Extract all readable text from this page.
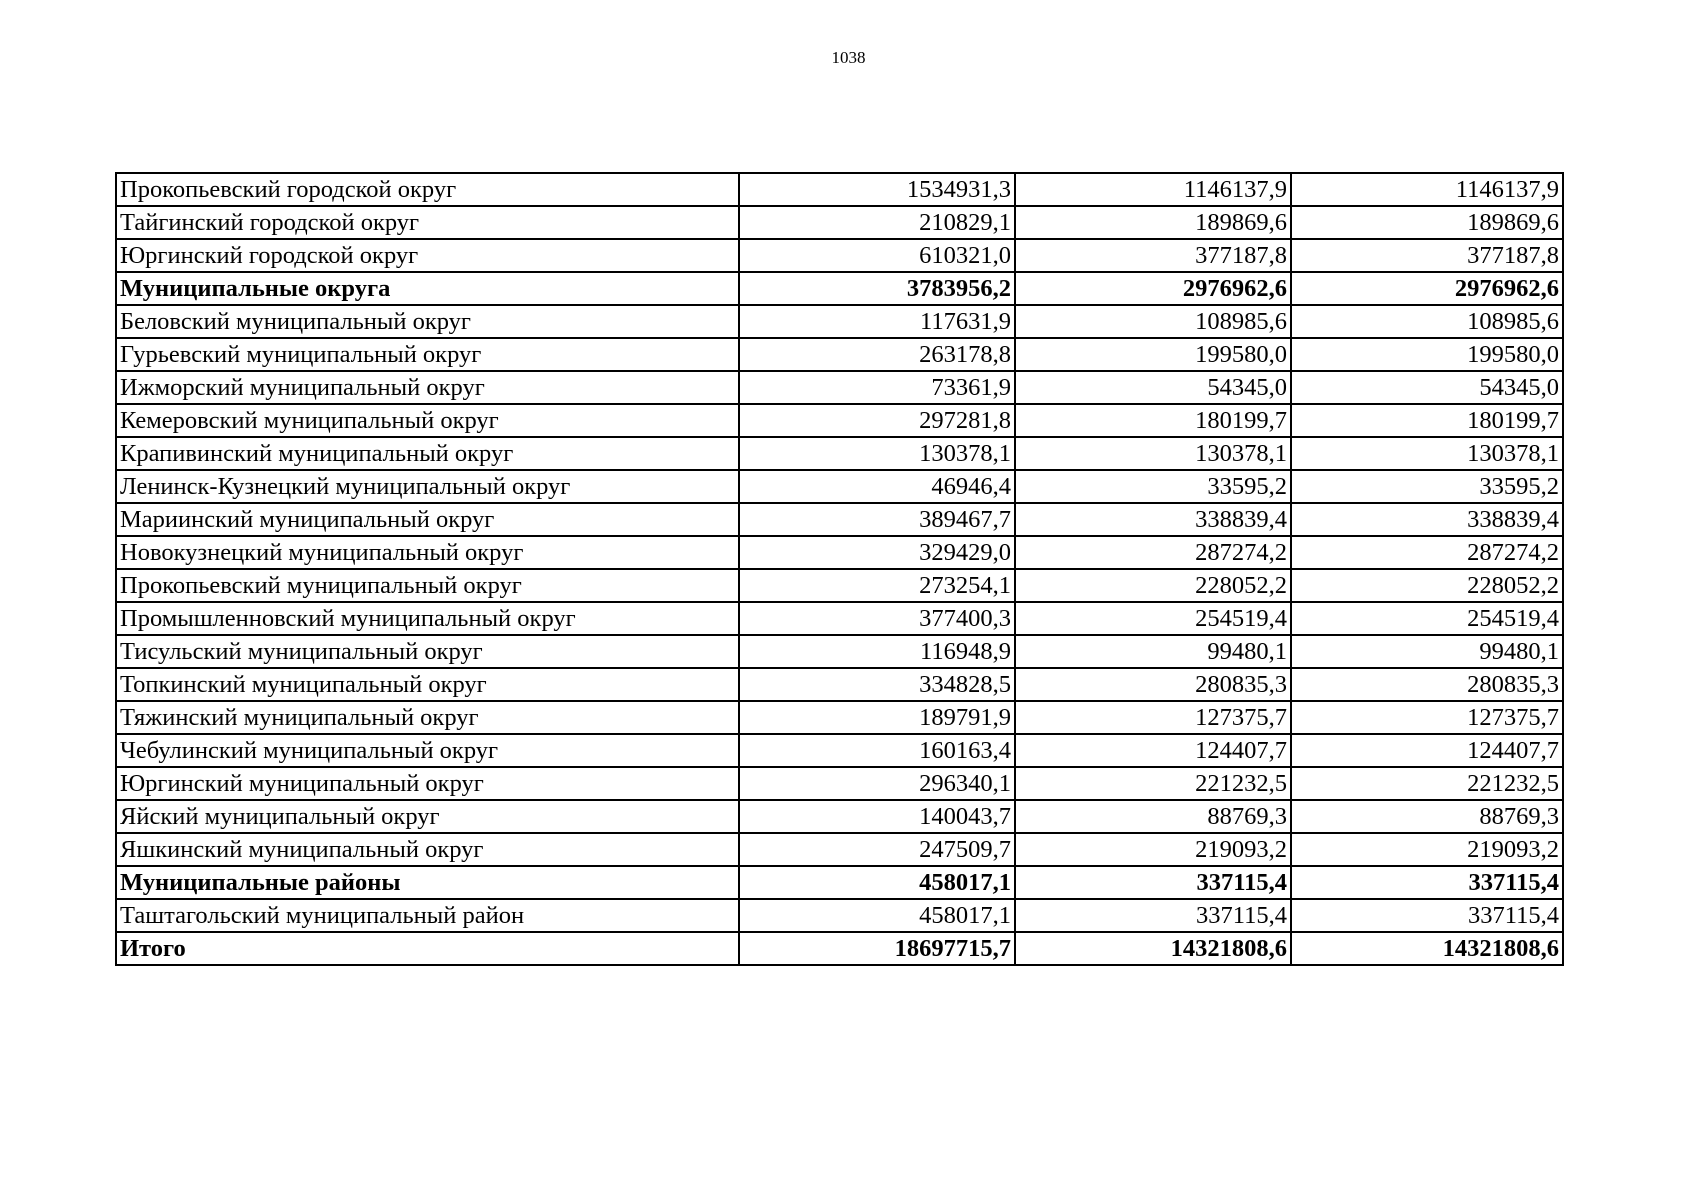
1038
Прокопьевский городской округ	1534931,3	1146137,9	1146137,9
Тайгинский городской округ	210829,1	189869,6	189869,6
Юргинский городской округ	610321,0	377187,8	377187,8
Муниципальные округа	3783956,2	2976962,6	2976962,6
Беловский муниципальный округ	117631,9	108985,6	108985,6
Гурьевский муниципальный округ	263178,8	199580,0	199580,0
Ижморский муниципальный округ	73361,9	54345,0	54345,0
Кемеровский муниципальный округ	297281,8	180199,7	180199,7
Крапивинский муниципальный округ	130378,1	130378,1	130378,1
Ленинск-Кузнецкий муниципальный округ	46946,4	33595,2	33595,2
Мариинский муниципальный округ	389467,7	338839,4	338839,4
Новокузнецкий муниципальный округ	329429,0	287274,2	287274,2
Прокопьевский муниципальный округ	273254,1	228052,2	228052,2
Промышленновский муниципальный округ	377400,3	254519,4	254519,4
Тисульский муниципальный округ	116948,9	99480,1	99480,1
Топкинский муниципальный округ	334828,5	280835,3	280835,3
Тяжинский муниципальный округ	189791,9	127375,7	127375,7
Чебулинский муниципальный округ	160163,4	124407,7	124407,7
Юргинский муниципальный округ	296340,1	221232,5	221232,5
Яйский муниципальный округ	140043,7	88769,3	88769,3
Яшкинский муниципальный округ	247509,7	219093,2	219093,2
Муниципальные районы	458017,1	337115,4	337115,4
Таштагольский муниципальный район	458017,1	337115,4	337115,4
Итого	18697715,7	14321808,6	14321808,6
